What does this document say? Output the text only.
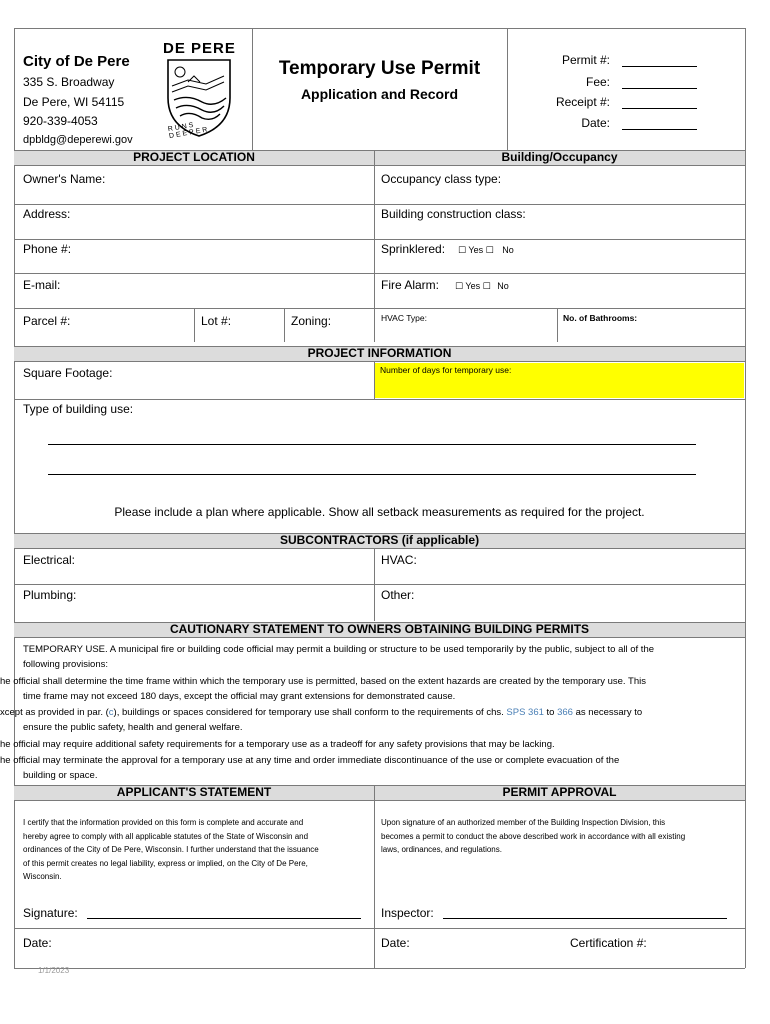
City of De Pere
335 S. Broadway
De Pere, WI 54115
920-339-4053
dpbldg@deperewi.gov
DE PERE
RUNS DEEPER
Temporary Use Permit
Application and Record
Permit #:
Fee:
Receipt #:
Date:
PROJECT LOCATION	Building/Occupancy
Owner's Name:	Occupancy class type:
Address:	Building construction class:
Phone #:	Sprinklered: ☐ Yes ☐ No
E-mail:	Fire Alarm: ☐ Yes ☐ No
Parcel #:	Lot #:	Zoning:	HVAC Type:	No. of Bathrooms:
PROJECT INFORMATION
Square Footage:	Number of days for temporary use:
Type of building use:
Please include a plan where applicable. Show all setback measurements as required for the project.
SUBCONTRACTORS (if applicable)
Electrical:	HVAC:
Plumbing:	Other:
CAUTIONARY STATEMENT TO OWNERS OBTAINING BUILDING PERMITS
TEMPORARY USE. A municipal fire or building code official may permit a building or structure to be used temporarily by the public, subject to all of the
following provisions:
he official shall determine the time frame within which the temporary use is permitted, based on the extent hazards are created by the temporary use. This
time frame may not exceed 180 days, except the official may grant extensions for demonstrated cause.
xcept as provided in par. (c), buildings or spaces considered for temporary use shall conform to the requirements of chs. SPS 361 to 366 as necessary to
ensure the public safety, health and general welfare.
he official may require additional safety requirements for a temporary use as a tradeoff for any safety provisions that may be lacking.
he official may terminate the approval for a temporary use at any time and order immediate discontinuance of the use or complete evacuation of the
building or space.
APPLICANT'S STATEMENT	PERMIT APPROVAL
I certify that the information provided on this form is complete and accurate and
hereby agree to comply with all applicable statutes of the State of Wisconsin and
ordinances of the City of De Pere, Wisconsin. I further understand that the issuance
of this permit creates no legal liability, express or implied, on the City of De Pere,
Wisconsin.
Upon signature of an authorized member of the Building Inspection Division, this
becomes a permit to conduct the above described work in accordance with all existing
laws, ordinances, and regulations.
Signature:	Inspector:
Date:	Date:	Certification #:
1/1/2023
